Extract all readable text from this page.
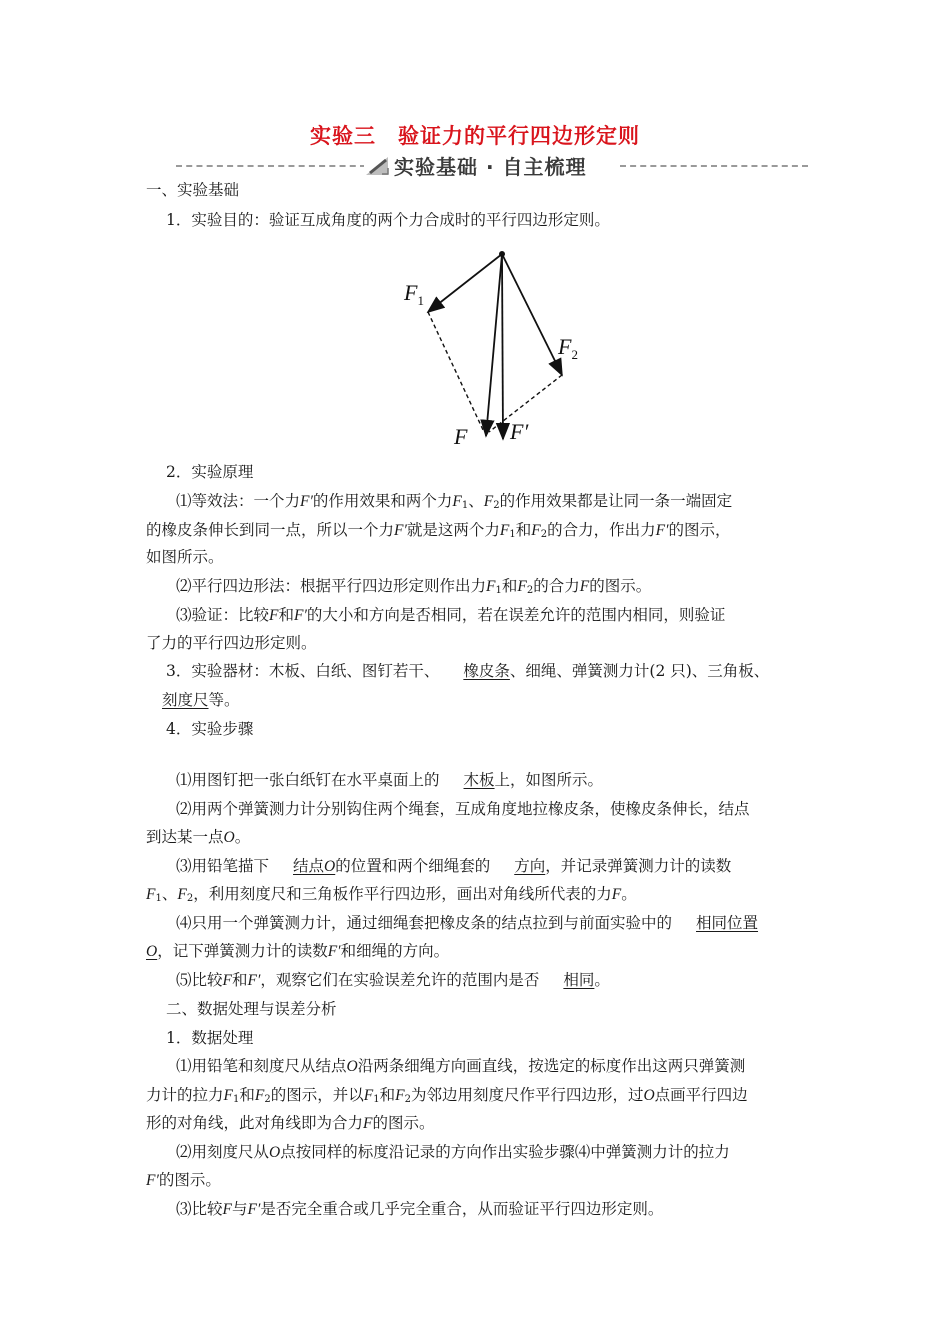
实验三　验证力的平行四边形定则
实验基础 · 自主梳理
一、实验基础
1．实验目的：验证互成角度的两个力合成时的平行四边形定则。
$F_1$
$F_2$
F F′
2．实验原理
⑴等效法：一个力F′的作用效果和两个力$F_1$、$F_2$的作用效果都是让同一条一端固定
的橡皮条伸长到同一点，所以一个力F′就是这两个力$F_1$和$F_2$的合力，作出力F′的图示，
如图所示。
⑵平行四边形法：根据平行四边形定则作出力$F_1$和$F_2$的合力F的图示。
⑶验证：比较F和F′的大小和方向是否相同，若在误差允许的范围内相同，则验证
了力的平行四边形定则。
3．实验器材：木板、白纸、图钉若干、 橡皮条、细绳、弹簧测力计(2 只)、三角板、
刻度尺等。
4．实验步骤
⑴用图钉把一张白纸钉在水平桌面上的 木板上，如图所示。
⑵用两个弹簧测力计分别钩住两个绳套，互成角度地拉橡皮条，使橡皮条伸长，结点
到达某一点O。
⑶用铅笔描下 结点O的位置和两个细绳套的 方向，并记录弹簧测力计的读数
$F_1$、$F_2$，利用刻度尺和三角板作平行四边形，画出对角线所代表的力F。
⑷只用一个弹簧测力计，通过细绳套把橡皮条的结点拉到与前面实验中的 相同位置
O，记下弹簧测力计的读数F′和细绳的方向。
⑸比较F和F′，观察它们在实验误差允许的范围内是否 相同。
二、数据处理与误差分析
1．数据处理
⑴用铅笔和刻度尺从结点O沿两条细绳方向画直线，按选定的标度作出这两只弹簧测
力计的拉力$F_1$和$F_2$的图示，并以$F_1$和$F_2$为邻边用刻度尺作平行四边形，过O点画平行四边
形的对角线，此对角线即为合力F的图示。
⑵用刻度尺从O点按同样的标度沿记录的方向作出实验步骤⑷中弹簧测力计的拉力
F′的图示。
⑶比较F与F′是否完全重合或几乎完全重合，从而验证平行四边形定则。
